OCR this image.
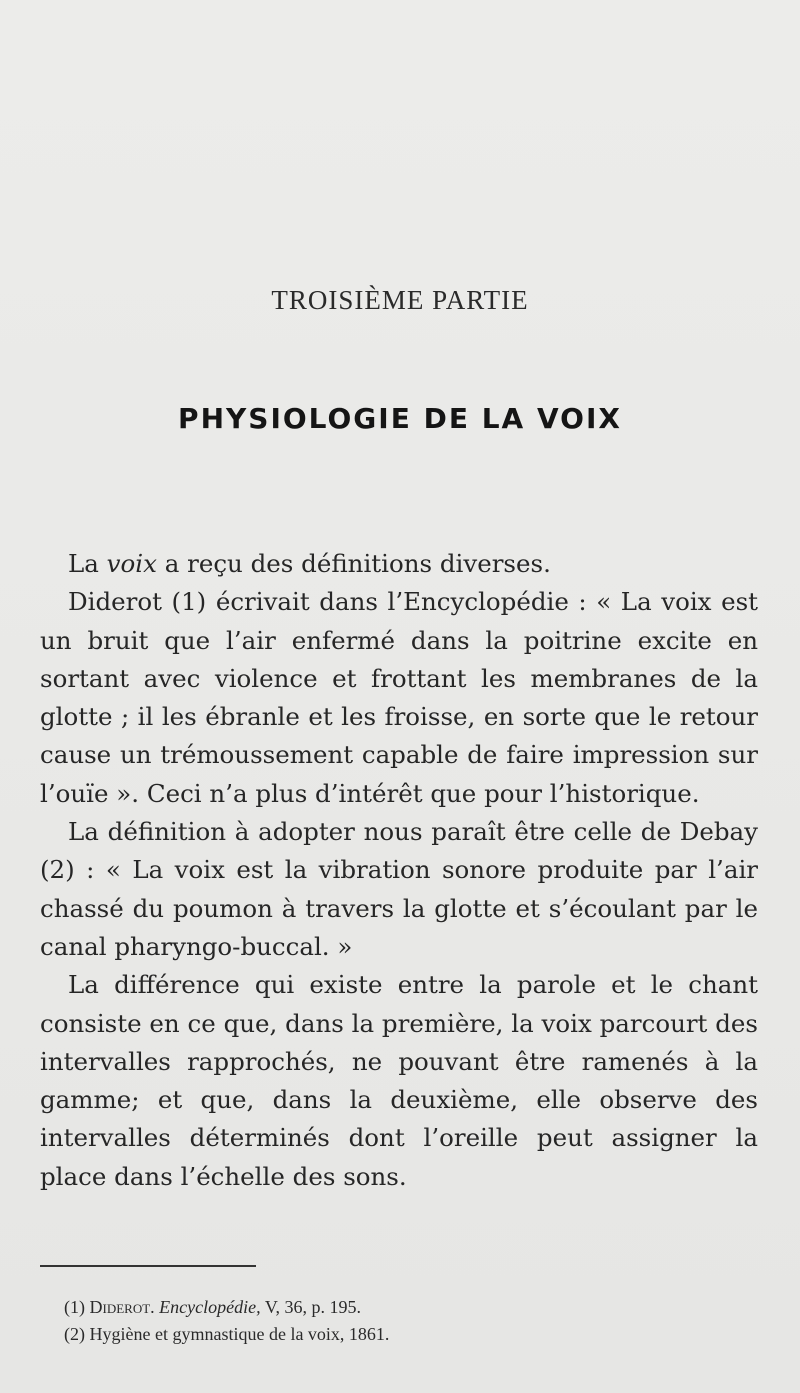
TROISIÈME PARTIE
PHYSIOLOGIE DE LA VOIX

La voix a reçu des définitions diverses.

Diderot (1) écrivait dans l’Encyclopédie : « La voix est un bruit que l’air enfermé dans la poitrine excite en sortant avec violence et frottant les membranes de la glotte ; il les ébranle et les froisse, en sorte que le retour cause un trémoussement capable de faire impression sur l’ouïe ». Ceci n’a plus d’intérêt que pour l’historique.

La définition à adopter nous paraît être celle de Debay (2) : « La voix est la vibration sonore produite par l’air chassé du poumon à travers la glotte et s’écoulant par le canal pharyngo-buccal. »

La différence qui existe entre la parole et le chant consiste en ce que, dans la première, la voix parcourt des intervalles rapprochés, ne pouvant être ramenés à la gamme; et que, dans la deuxième, elle observe des intervalles déterminés dont l’oreille peut assigner la place dans l’échelle des sons.

(1) Diderot. Encyclopédie, V, 36, p. 195.
(2) Hygiène et gymnastique de la voix, 1861.
